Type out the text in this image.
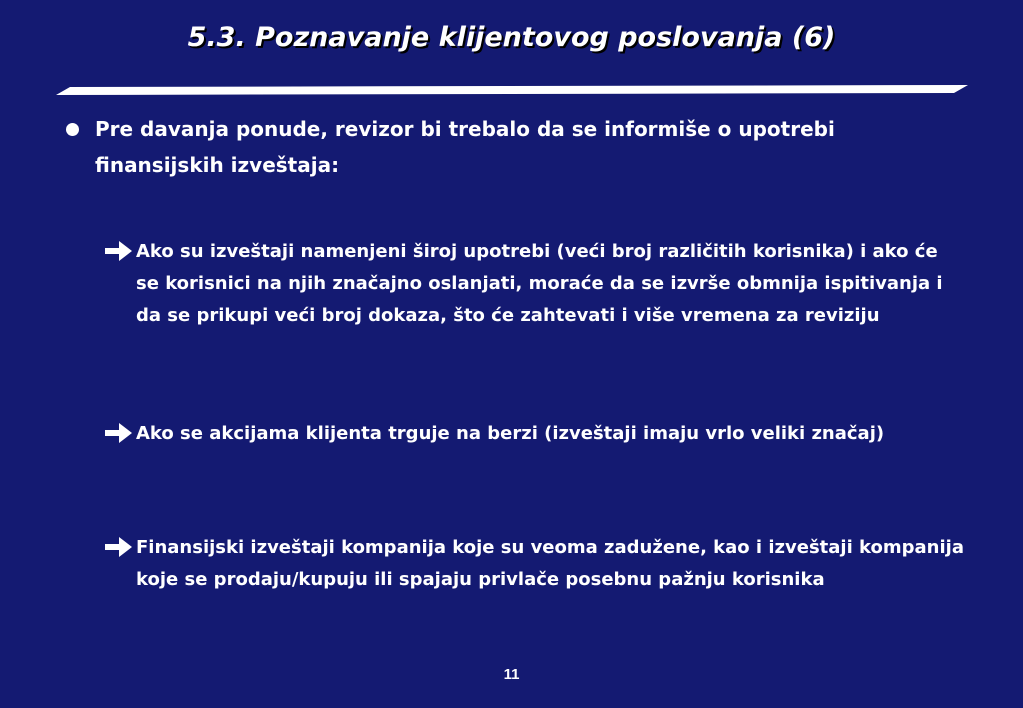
5.3. Poznavanje klijentovog poslovanja (6)
Pre davanja ponude, revizor bi trebalo da se informiše o upotrebi finansijskih izveštaja:
Ako su izveštaji namenjeni široj upotrebi (veći broj različitih korisnika) i ako će se korisnici na njih značajno oslanjati, moraće da se izvrše obmnija ispitivanja i da se prikupi veći broj dokaza, što će zahtevati i više vremena za reviziju
Ako se akcijama klijenta trguje na berzi (izveštaji imaju vrlo veliki značaj)
Finansijski izveštaji kompanija koje su veoma zadužene, kao i izveštaji kompanija koje se prodaju/kupuju ili spajaju privlače posebnu pažnju korisnika
11
